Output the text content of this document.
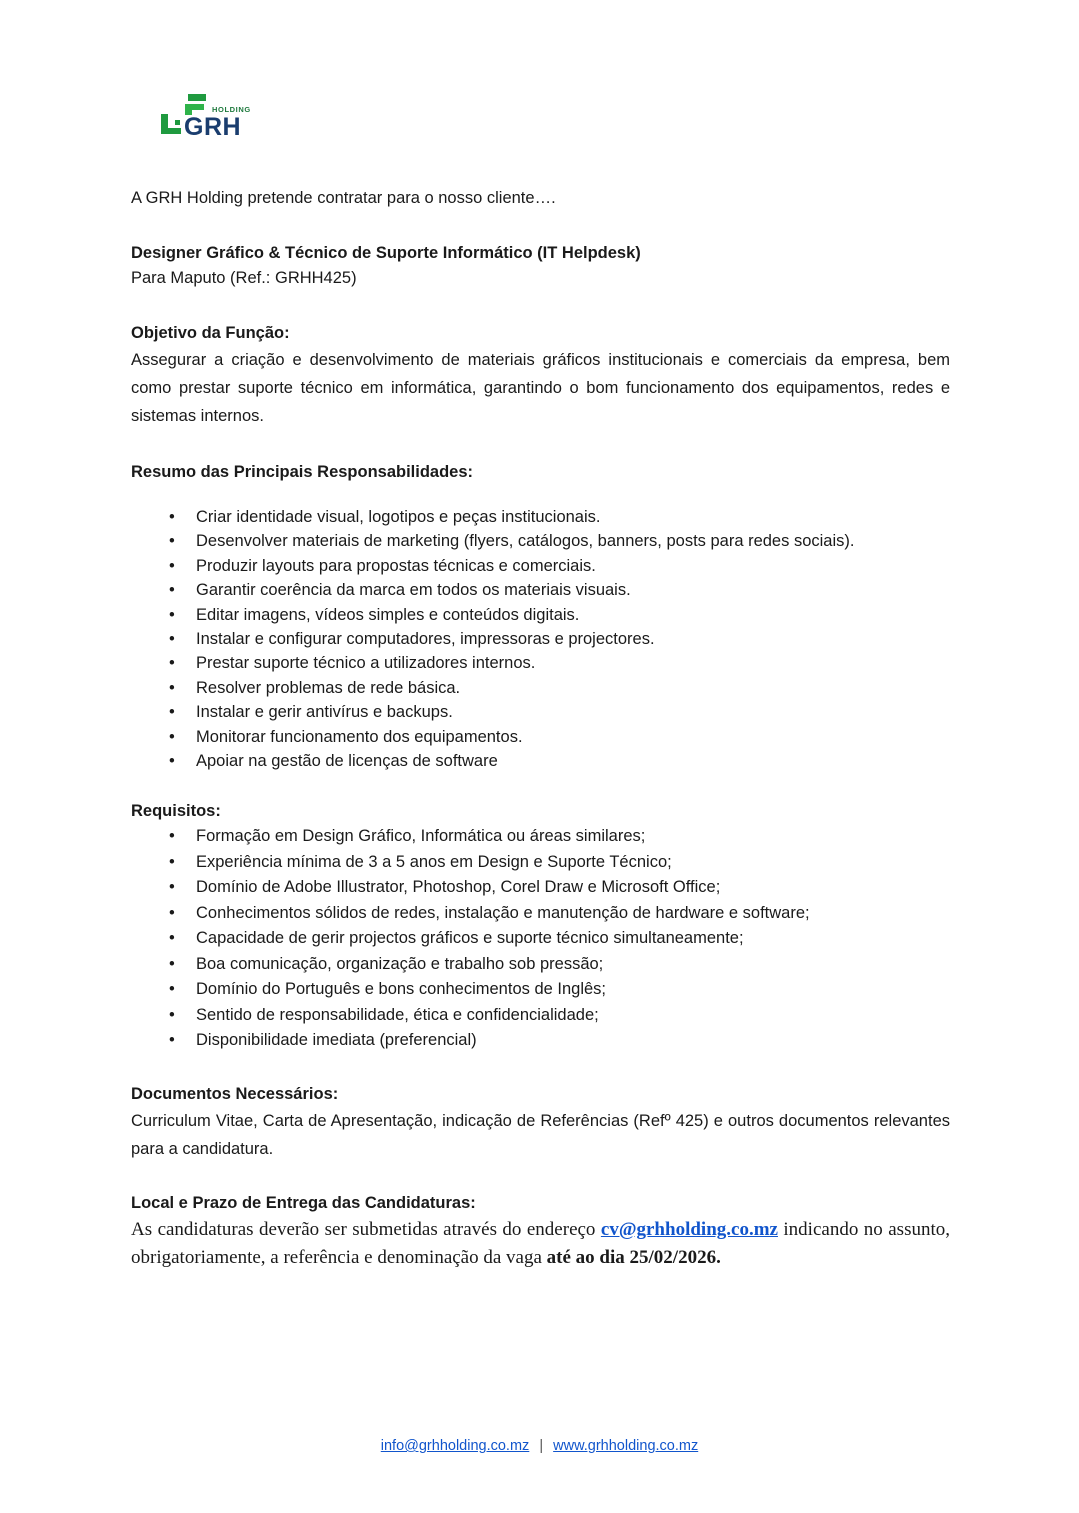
HOLDING
GRH

A GRH Holding pretende contratar para o nosso cliente….

Designer Gráfico & Técnico de Suporte Informático (IT Helpdesk)

Para Maputo (Ref.: GRHH425)

Objetivo da Função:

Assegurar a criação e desenvolvimento de materiais gráficos institucionais e comerciais da empresa, bem como prestar suporte técnico em informática, garantindo o bom funcionamento dos equipamentos, redes e sistemas internos.

Resumo das Principais Responsabilidades:

• Criar identidade visual, logotipos e peças institucionais.
• Desenvolver materiais de marketing (flyers, catálogos, banners, posts para redes sociais).
• Produzir layouts para propostas técnicas e comerciais.
• Garantir coerência da marca em todos os materiais visuais.
• Editar imagens, vídeos simples e conteúdos digitais.
• Instalar e configurar computadores, impressoras e projectores.
• Prestar suporte técnico a utilizadores internos.
• Resolver problemas de rede básica.
• Instalar e gerir antivírus e backups.
• Monitorar funcionamento dos equipamentos.
• Apoiar na gestão de licenças de software

Requisitos:

• Formação em Design Gráfico, Informática ou áreas similares;
• Experiência mínima de 3 a 5 anos em Design e Suporte Técnico;
• Domínio de Adobe Illustrator, Photoshop, Corel Draw e Microsoft Office;
• Conhecimentos sólidos de redes, instalação e manutenção de hardware e software;
• Capacidade de gerir projectos gráficos e suporte técnico simultaneamente;
• Boa comunicação, organização e trabalho sob pressão;
• Domínio do Português e bons conhecimentos de Inglês;
• Sentido de responsabilidade, ética e confidencialidade;
• Disponibilidade imediata (preferencial)

Documentos Necessários:

Curriculum Vitae, Carta de Apresentação, indicação de Referências (Refº 425) e outros documentos relevantes para a candidatura.

Local e Prazo de Entrega das Candidaturas:

As candidaturas deverão ser submetidas através do endereço cv@grhholding.co.mz indicando no assunto, obrigatoriamente, a referência e denominação da vaga até ao dia 25/02/2026.

info@grhholding.co.mz | www.grhholding.co.mz
